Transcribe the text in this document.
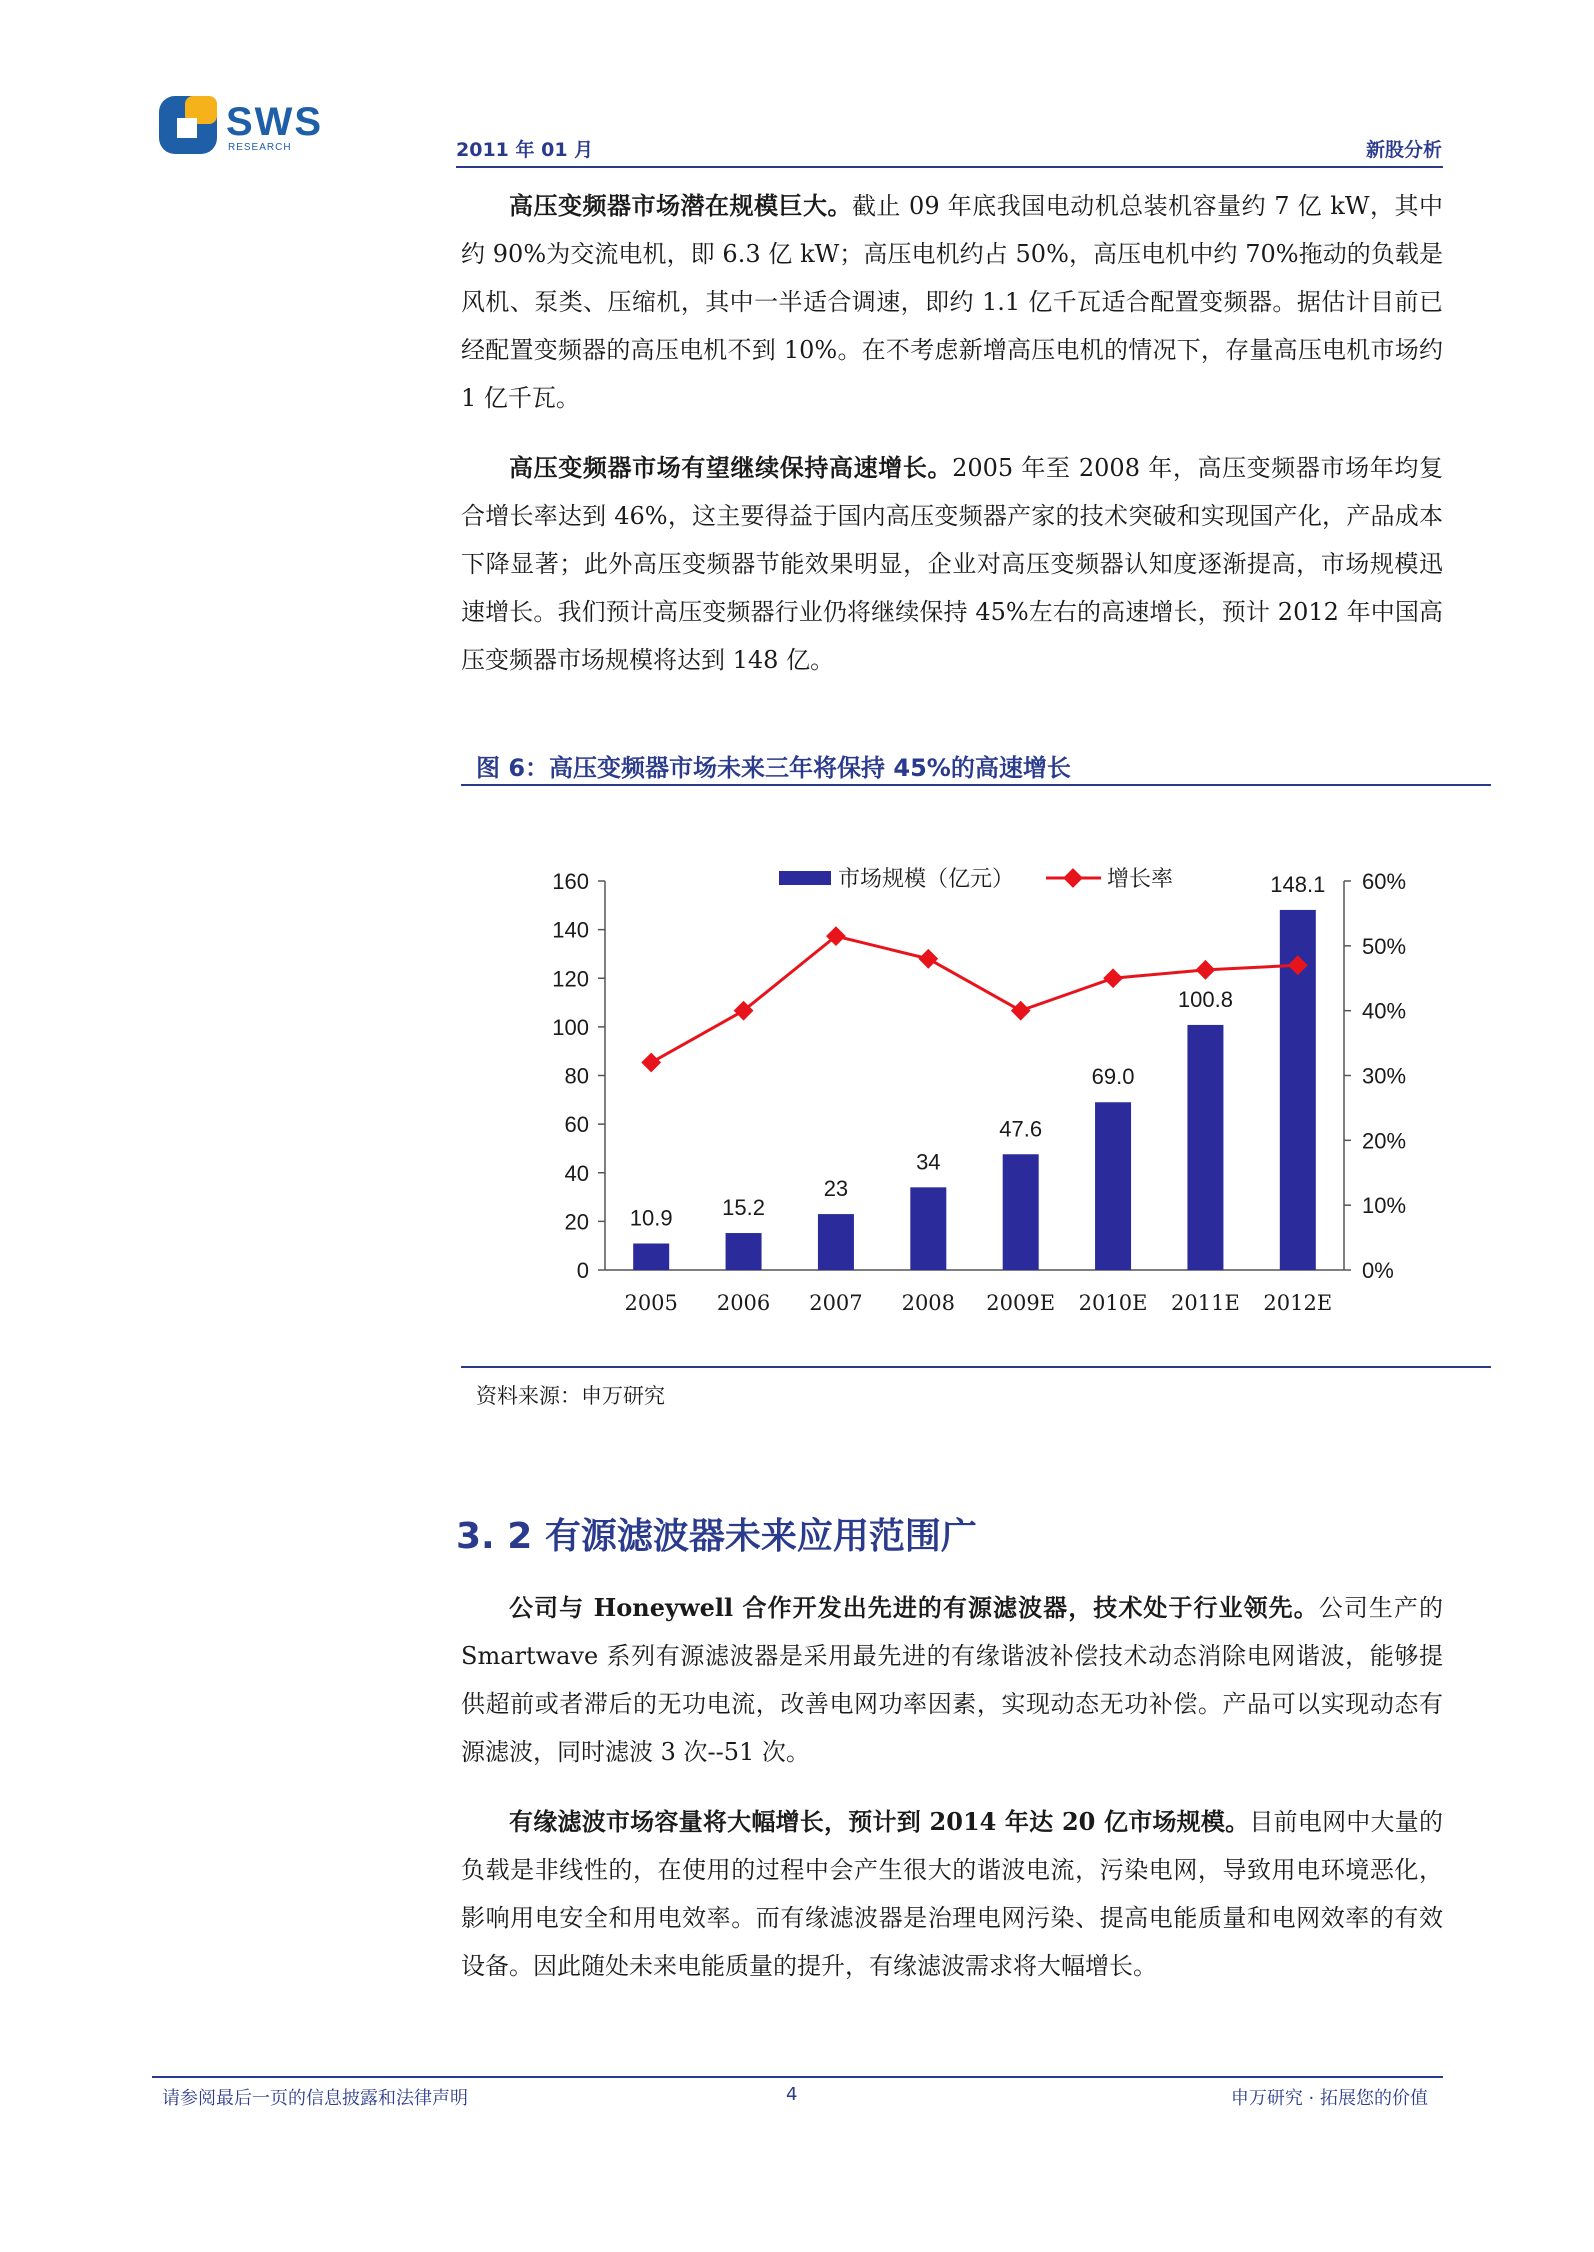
SWS
RESEARCH	2011 年 01 月	新股分析

高压变频器市场潜在规模巨大。截止 09 年底我国电动机总装机容量约 7 亿 kW，其中约 90%为交流电机，即 6.3 亿 kW；高压电机约占 50%，高压电机中约 70%拖动的负载是风机、泵类、压缩机，其中一半适合调速，即约 1.1 亿千瓦适合配置变频器。据估计目前已经配置变频器的高压电机不到 10%。在不考虑新增高压电机的情况下，存量高压电机市场约 1 亿千瓦。

高压变频器市场有望继续保持高速增长。2005 年至 2008 年，高压变频器市场年均复合增长率达到 46%，这主要得益于国内高压变频器产家的技术突破和实现国产化，产品成本下降显著；此外高压变频器节能效果明显，企业对高压变频器认知度逐渐提高，市场规模迅速增长。我们预计高压变频器行业仍将继续保持 45%左右的高速增长，预计 2012 年中国高压变频器市场规模将达到 148 亿。

图 6：高压变频器市场未来三年将保持 45%的高速增长
市场规模（亿元）	增长率
0
20
40
60
80
100
120
140
160
0%
10%
20%
30%
40%
50%
60%
2005 2006 2007 2008 2009E 2010E 2011E 2012E
10.9 15.2
23
34
47.6
69.0
100.8
148.1
资料来源：申万研究
3. 2 有源滤波器未来应用范围广

公司与 Honeywell 合作开发出先进的有源滤波器，技术处于行业领先。公司生产的 Smartwave 系列有源滤波器是采用最先进的有缘谐波补偿技术动态消除电网谐波，能够提供超前或者滞后的无功电流，改善电网功率因素，实现动态无功补偿。产品可以实现动态有源滤波，同时滤波 3 次--51 次。

有缘滤波市场容量将大幅增长，预计到 2014 年达 20 亿市场规模。目前电网中大量的负载是非线性的，在使用的过程中会产生很大的谐波电流，污染电网，导致用电环境恶化，影响用电安全和用电效率。而有缘滤波器是治理电网污染、提高电能质量和电网效率的有效设备。因此随处未来电能质量的提升，有缘滤波需求将大幅增长。

请参阅最后一页的信息披露和法律声明	4	申万研究 · 拓展您的价值
